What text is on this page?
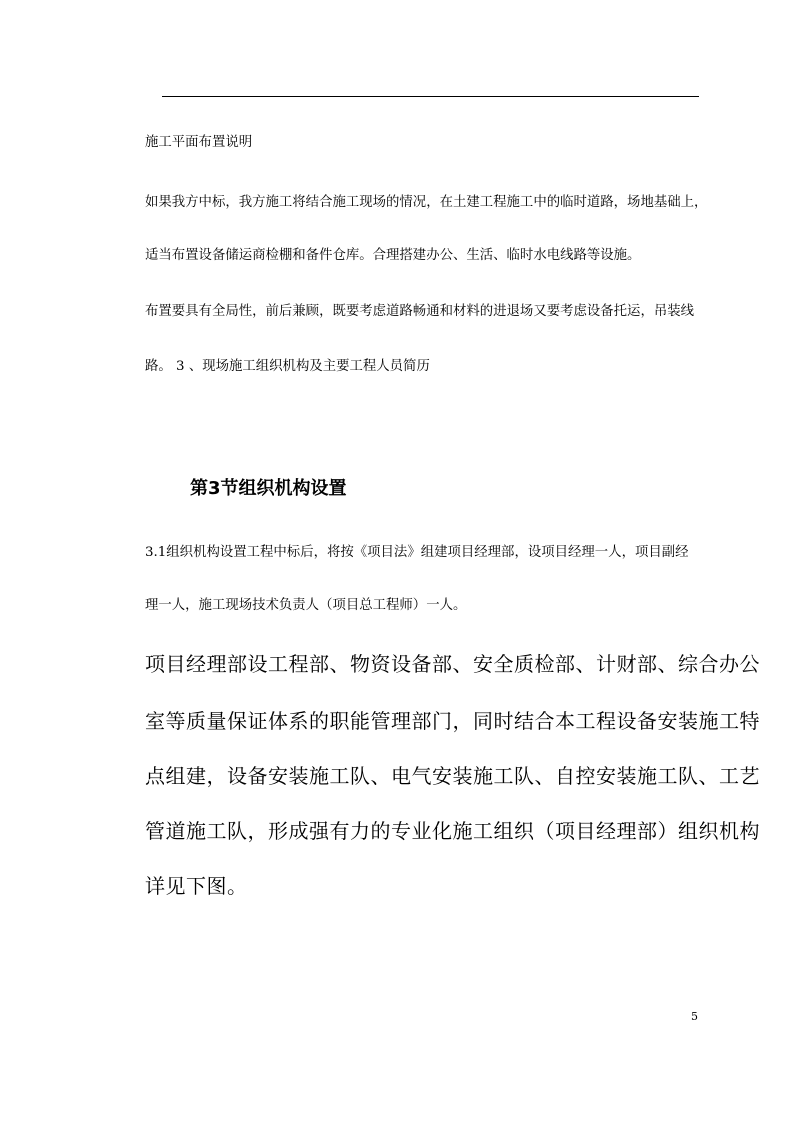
施工平面布置说明
如果我方中标，我方施工将结合施工现场的情况，在土建工程施工中的临时道路，场地基础上，
适当布置设备储运商检棚和备件仓库。合理搭建办公、生活、临时水电线路等设施。
布置要具有全局性，前后兼顾，既要考虑道路畅通和材料的进退场又要考虑设备托运，吊装线
路。 3 、现场施工组织机构及主要工程人员简历
第3节组织机构设置
3.1组织机构设置工程中标后，将按《项目法》组建项目经理部，设项目经理一人，项目副经
理一人，施工现场技术负责人（项目总工程师）一人。
项目经理部设工程部、物资设备部、安全质检部、计财部、综合办公
室等质量保证体系的职能管理部门，同时结合本工程设备安装施工特
点组建，设备安装施工队、电气安装施工队、自控安装施工队、工艺
管道施工队，形成强有力的专业化施工组织（项目经理部）组织机构
详见下图。
5
